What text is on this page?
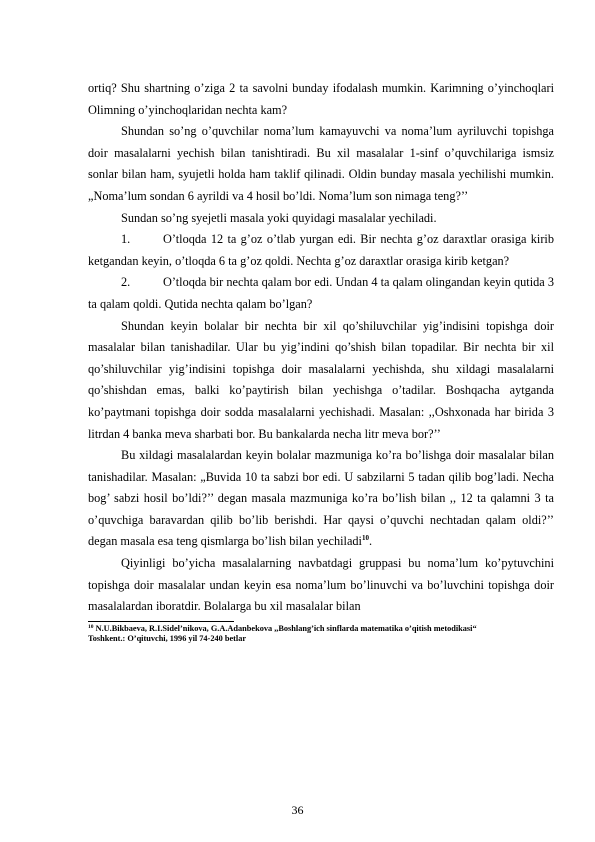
ortiq? Shu shartning o’ziga 2 ta savolni bunday ifodalash mumkin. Karimning o’yinchoqlari Olimning o’yinchoqlaridan nechta kam?

Shundan so’ng o’quvchilar noma’lum kamayuvchi va noma’lum ayriluvchi topishga doir masalalarni yechish bilan tanishtiradi. Bu xil masalalar 1-sinf o’quvchilariga ismsiz sonlar bilan ham, syujetli holda ham taklif qilinadi. Oldin bunday masala yechilishi mumkin. „Noma’lum sondan 6 ayrildi va 4 hosil bo’ldi. Noma’lum son nimaga teng?’’

Sundan so’ng syejetli masala yoki quyidagi masalalar yechiladi.

1.	O’tloqda 12 ta g’oz o’tlab yurgan edi. Bir nechta g’oz daraxtlar orasiga kirib ketgandan keyin, o’tloqda 6 ta g’oz qoldi. Nechta g’oz daraxtlar orasiga kirib ketgan?

2.	O’tloqda bir nechta qalam bor edi. Undan 4 ta qalam olingandan keyin qutida 3 ta qalam qoldi. Qutida nechta qalam bo’lgan?

Shundan keyin bolalar bir nechta bir xil qo’shiluvchilar yig’indisini topishga doir masalalar bilan tanishadilar. Ular bu yig’indini qo’shish bilan topadilar. Bir nechta bir xil qo’shiluvchilar yig’indisini topishga doir masalalarni yechishda, shu xildagi masalalarni qo’shishdan emas, balki ko’paytirish bilan yechishga o’tadilar. Boshqacha aytganda ko’paytmani topishga doir sodda masalalarni yechishadi. Masalan: ,,Oshxonada har birida 3 litrdan 4 banka meva sharbati bor. Bu bankalarda necha litr meva bor?’’

Bu xildagi masalalardan keyin bolalar mazmuniga ko’ra bo’lishga doir masalalar bilan tanishadilar. Masalan: „Buvida 10 ta sabzi bor edi. U sabzilarni 5 tadan qilib bog’ladi. Necha bog’ sabzi hosil bo’ldi?’’ degan masala mazmuniga ko’ra bo’lish bilan ,, 12 ta qalamni 3 ta o’quvchiga baravardan qilib bo’lib berishdi. Har qaysi o’quvchi nechtadan qalam oldi?’’ degan masala esa teng qismlarga bo’lish bilan yechiladi$^{10}$.

Qiyinligi bo’yicha masalalarning navbatdagi gruppasi bu noma’lum ko’pytuvchini topishga doir masalalar undan keyin esa noma’lum bo’linuvchi va bo’luvchini topishga doir masalalardan iboratdir. Bolalarga bu xil masalalar bilan

$^{10}$ N.U.Bikbaeva, R.I.Sidel’nikova, G.A.Adanbekova ,,Boshlang’ich sinflarda matematika o’qitish metodikasi“
Toshkent.: O’qituvchi, 1996 yil 74-240 betlar

36
